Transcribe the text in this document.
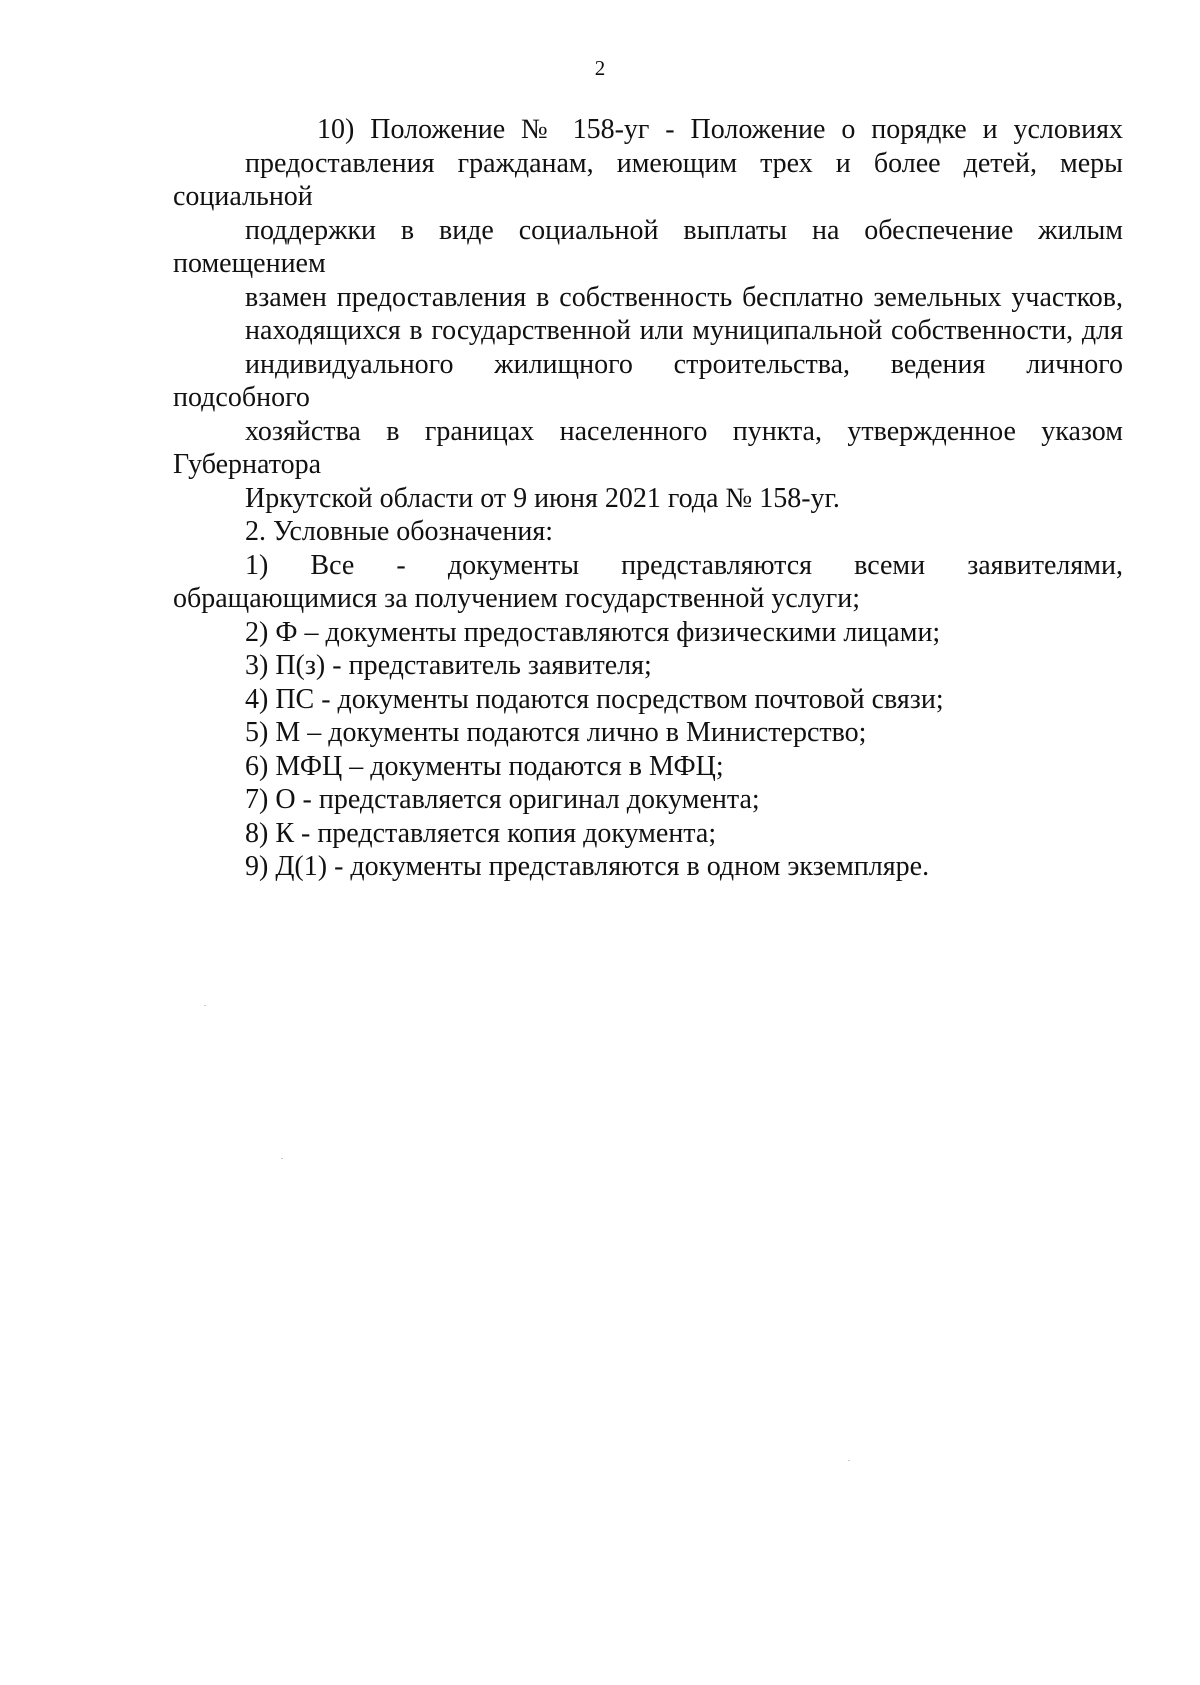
2
10) Положение № 158-уг - Положение о порядке и условиях
предоставления гражданам, имеющим трех и более детей, меры социальной
поддержки в виде социальной выплаты на обеспечение жилым помещением
взамен предоставления в собственность бесплатно земельных участков,
находящихся в государственной или муниципальной собственности, для
индивидуального жилищного строительства, ведения личного подсобного
хозяйства в границах населенного пункта, утвержденное указом Губернатора
Иркутской области от 9 июня 2021 года № 158-уг.

2. Условные обозначения:

1) Все - документы представляются всеми заявителями,
обращающимися за получением государственной услуги;

2) Ф – документы предоставляются физическими лицами;

3) П(з) - представитель заявителя;

4) ПС - документы подаются посредством почтовой связи;

5) М – документы подаются лично в Министерство;

6) МФЦ – документы подаются в МФЦ;

7) О - представляется оригинал документа;

8) К - представляется копия документа;

9) Д(1) - документы представляются в одном экземпляре.
